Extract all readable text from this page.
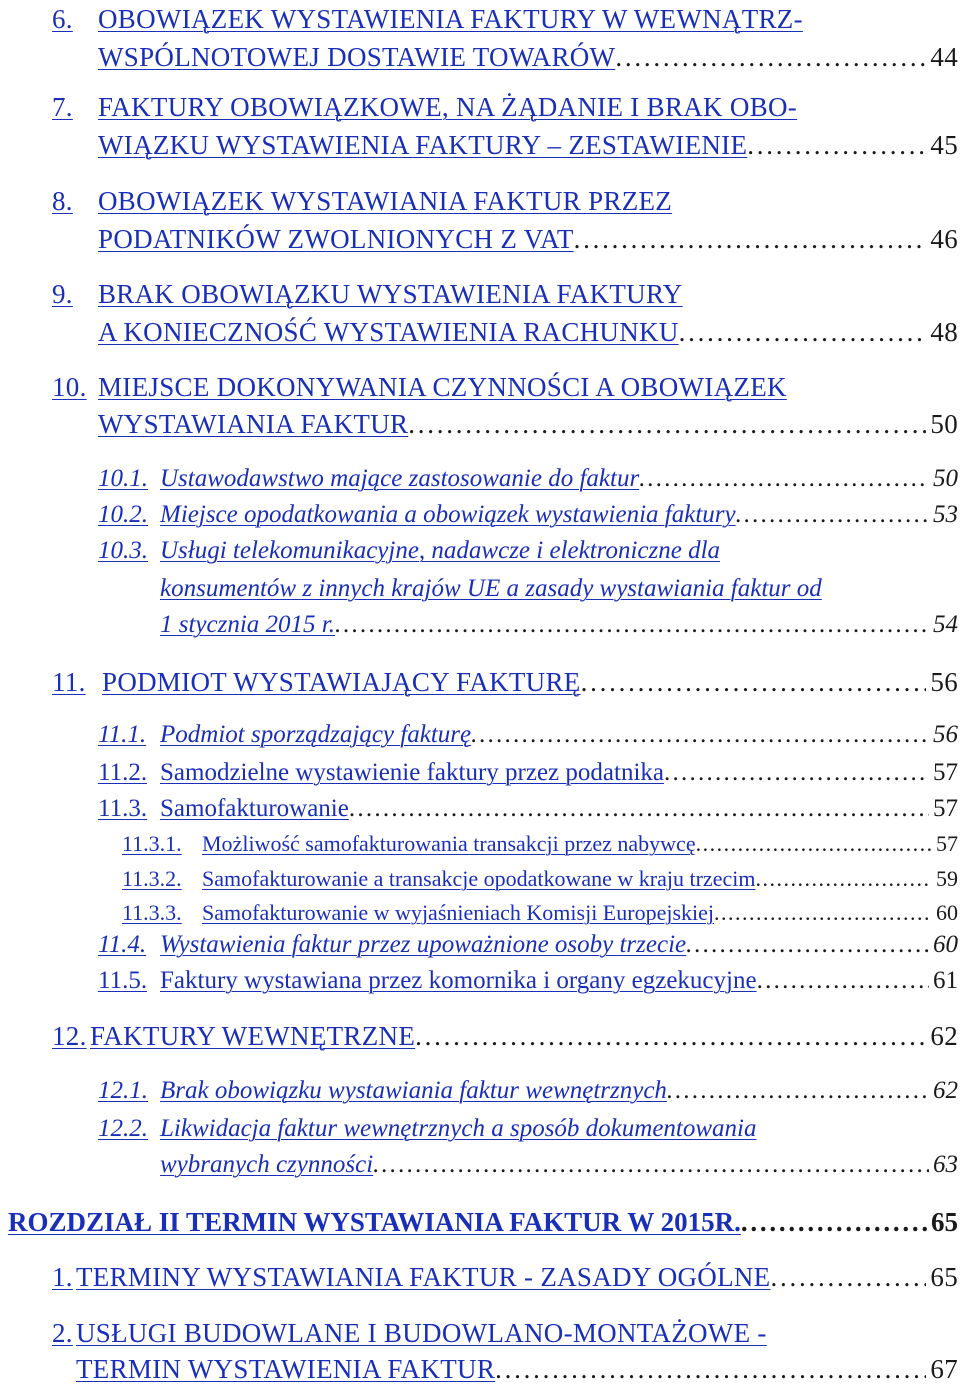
6. OBOWIĄZEK WYSTAWIENIA FAKTURY W WEWNĄTRZ-
WSPÓLNOTOWEJ DOSTAWIE TOWARÓW . . .	44
7. FAKTURY OBOWIĄZKOWE, NA ŻĄDANIE I BRAK OBO-
WIĄZKU WYSTAWIENIA FAKTURY – ZESTAWIENIE . . .	45
8. OBOWIĄZEK WYSTAWIANIA FAKTUR PRZEZ
PODATNIKÓW ZWOLNIONYCH Z VAT . . .	46
9. BRAK OBOWIĄZKU WYSTAWIENIA FAKTURY
A KONIECZNOŚĆ WYSTAWIENIA RACHUNKU . . .	48
10. MIEJSCE DOKONYWANIA CZYNNOŚCI A OBOWIĄZEK
WYSTAWIANIA FAKTUR . . .	50
10.1. Ustawodawstwo mające zastosowanie do faktur . . .	50
10.2. Miejsce opodatkowania a obowiązek wystawienia faktury . . .	53
10.3. Usługi telekomunikacyjne, nadawcze i elektroniczne dla
konsumentów z innych krajów UE a zasady wystawiania faktur od
1 stycznia 2015 r. . . .	54
11. PODMIOT WYSTAWIAJĄCY FAKTURĘ . . .	56
11.1. Podmiot sporządzający fakturę . . .	56
11.2. Samodzielne wystawienie faktury przez podatnika . . .	57
11.3. Samofakturowanie . . .	57
11.3.1. Możliwość samofakturowania transakcji przez nabywcę . . .	57
11.3.2. Samofakturowanie a transakcje opodatkowane w kraju trzecim . . .	59
11.3.3. Samofakturowanie w wyjaśnieniach Komisji Europejskiej . . .	60
11.4. Wystawienia faktur przez upoważnione osoby trzecie . . .	60
11.5. Faktury wystawiana przez komornika i organy egzekucyjne . . .	61
12. FAKTURY WEWNĘTRZNE . . .	62
12.1. Brak obowiązku wystawiania faktur wewnętrznych . . .	62
12.2. Likwidacja faktur wewnętrznych a sposób dokumentowania
wybranych czynności . . .	63
ROZDZIAŁ II TERMIN WYSTAWIANIA FAKTUR W 2015R. . . .	65
1. TERMINY WYSTAWIANIA FAKTUR - ZASADY OGÓLNE . . .	65
2. USŁUGI BUDOWLANE I BUDOWLANO-MONTAŻOWE -
TERMIN WYSTAWIENIA FAKTUR . . .	67
